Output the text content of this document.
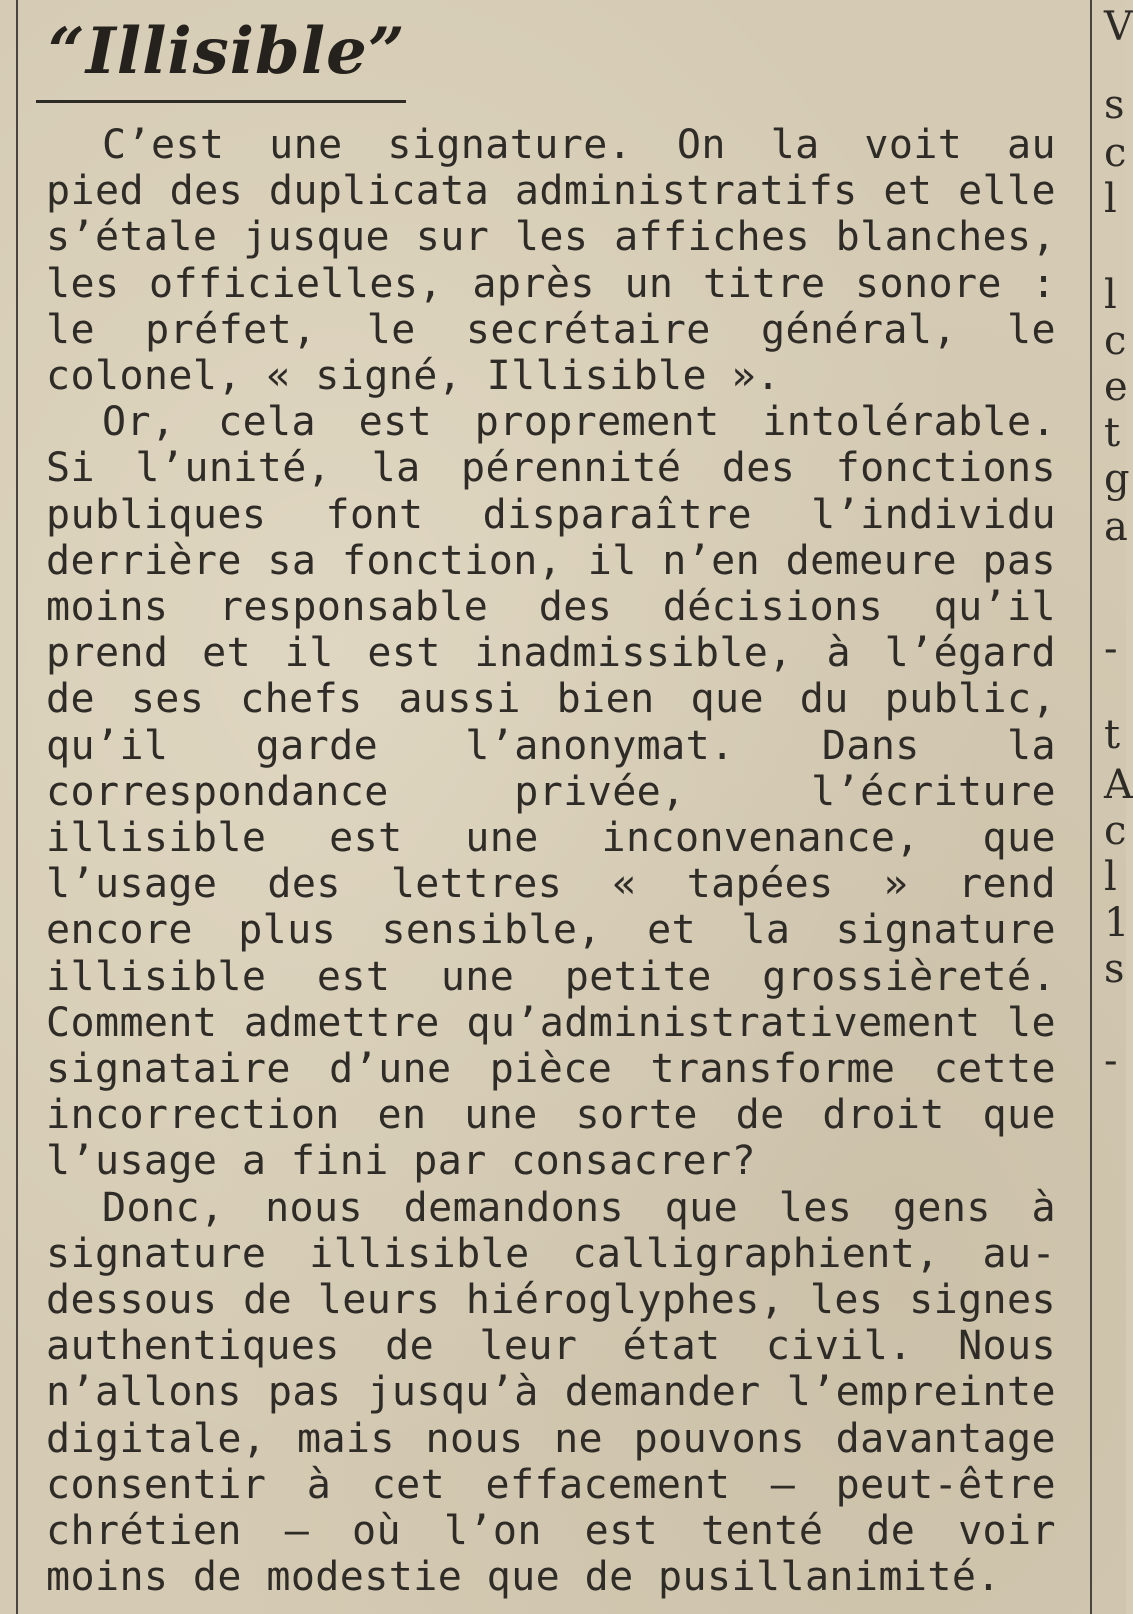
“Illisible”

C’est une signature. On la voit au pied des duplicata administratifs et elle s’étale jusque sur les affiches blanches, les officielles, après un titre sonore : le préfet, le secrétaire général, le colonel, « signé, Illisible ».

Or, cela est proprement intolérable. Si l’unité, la pérennité des fonctions publiques font disparaître l’individu derrière sa fonction, il n’en demeure pas moins responsable des décisions qu’il prend et il est inadmissible, à l’égard de ses chefs aussi bien que du public, qu’il garde l’anonymat. Dans la correspondance privée, l’écriture illisible est une inconvenance, que l’usage des lettres « tapées » rend encore plus sensible, et la signature illisible est une petite grossièreté. Comment admettre qu’administrativement le signataire d’une pièce transforme cette incorrection en une sorte de droit que l’usage a fini par consacrer?

Donc, nous demandons que les gens à signature illisible calligraphient, au-dessous de leurs hiéroglyphes, les signes authentiques de leur état civil. Nous n’allons pas jusqu’à demander l’empreinte digitale, mais nous ne pouvons davantage consentir à cet effacement — peut-être chrétien — où l’on est tenté de voir moins de modestie que de pusillanimité.

V
s
c
l
l
c
e
t
g
a
-
t
A
c
l
1
s
-
